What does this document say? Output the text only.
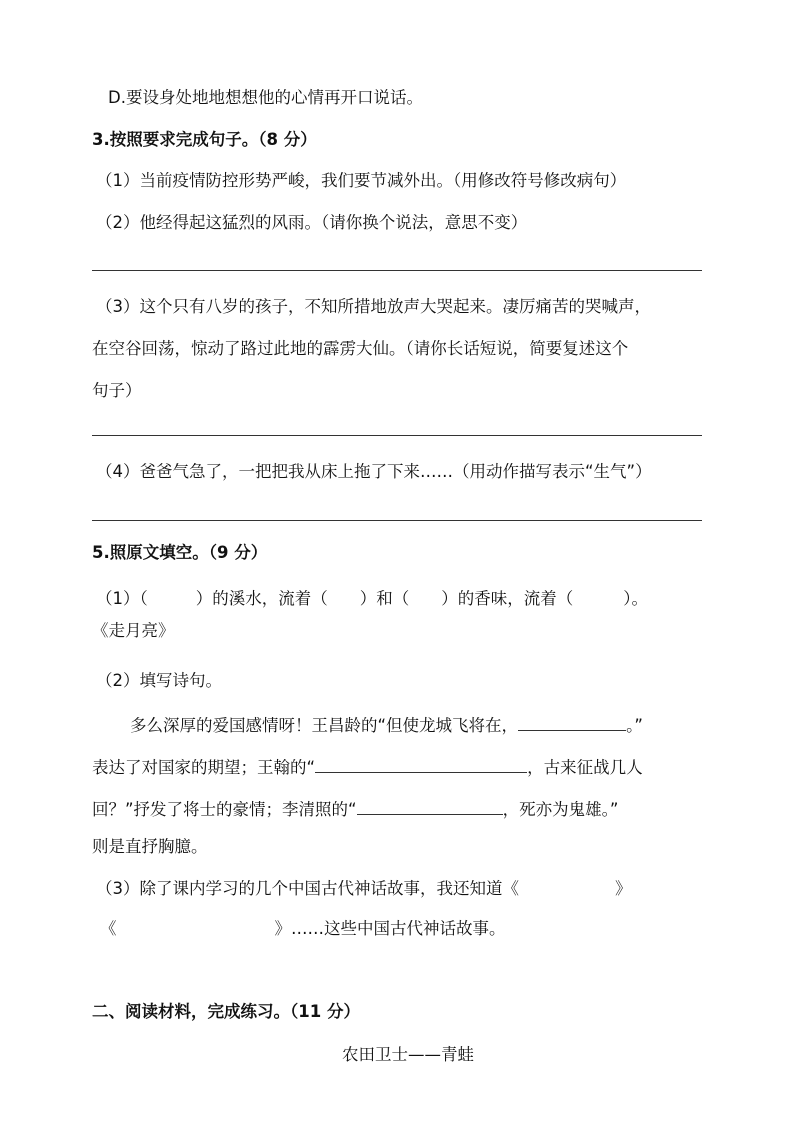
D.要设身处地地想想他的心情再开口说话。
3.按照要求完成句子。（8 分）
（1）当前疫情防控形势严峻，我们要节减外出。（用修改符号修改病句）
（2）他经得起这猛烈的风雨。（请你换个说法，意思不变）
（3）这个只有八岁的孩子，不知所措地放声大哭起来。凄厉痛苦的哭喊声，
在空谷回荡，惊动了路过此地的霹雳大仙。（请你长话短说，简要复述这个
句子）
（4）爸爸气急了，一把把我从床上拖了下来……（用动作描写表示“生气”）
5.照原文填空。（9 分）
（1）（	）的溪水，流着（ ）和（ ）的香味，流着（	）。
《走月亮》
（2）填写诗句。
多么深厚的爱国感情呀！王昌龄的“但使龙城飞将在，	。”
表达了对国家的期望；王翰的“	，古来征战几人
回？”抒发了将士的豪情；李清照的“	，死亦为鬼雄。”
则是直抒胸臆。
（3）除了课内学习的几个中国古代神话故事，我还知道《	》
《	》……这些中国古代神话故事。
二、阅读材料，完成练习。（11 分）
农田卫士——青蛙
